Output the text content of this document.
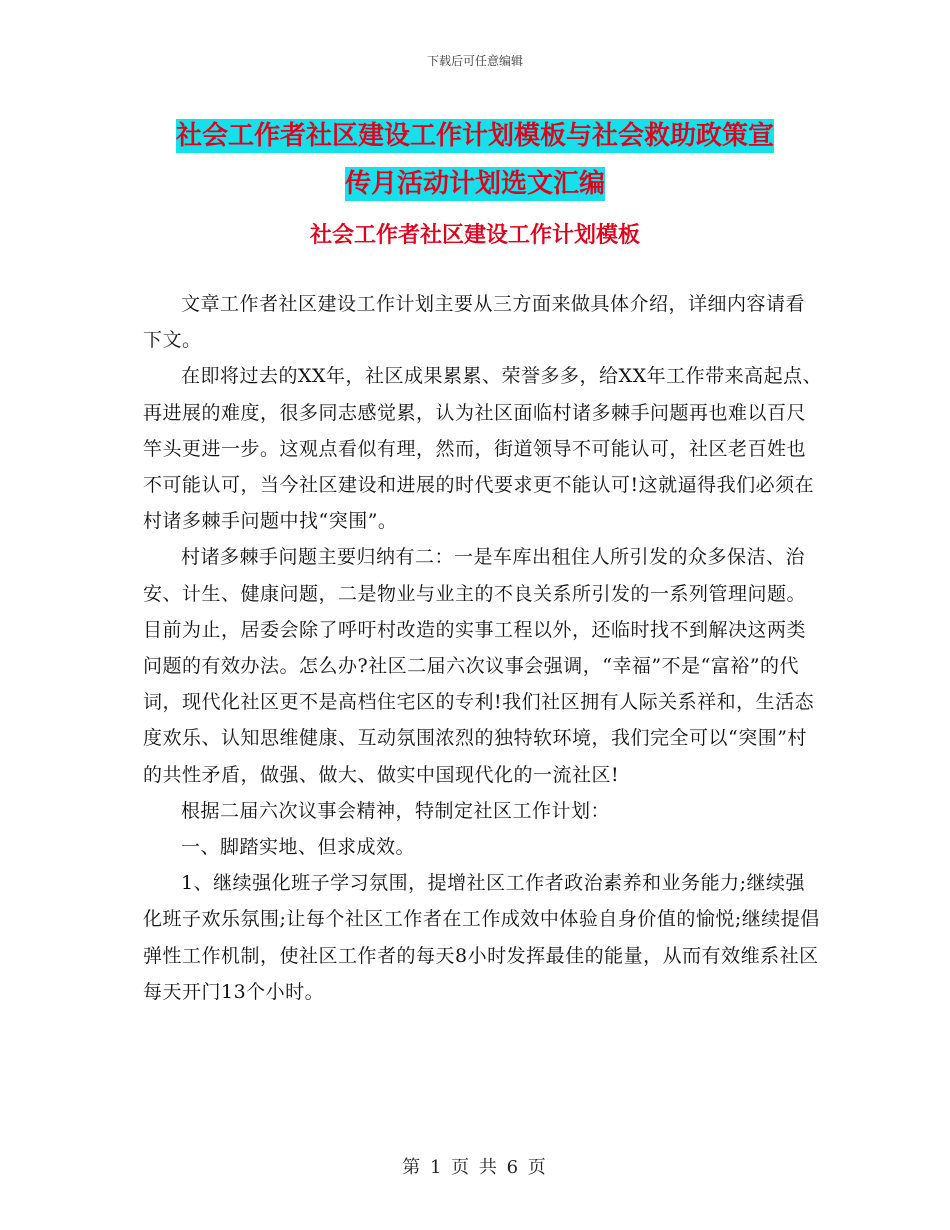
下载后可任意编辑
社会工作者社区建设工作计划模板与社会救助政策宣
传月活动计划选文汇编
社会工作者社区建设工作计划模板

文章工作者社区建设工作计划主要从三方面来做具体介绍，详细内容请看下文。

在即将过去的XX年，社区成果累累、荣誉多多，给XX年工作带来高起点、再进展的难度，很多同志感觉累，认为社区面临村诸多棘手问题再也难以百尺竿头更进一步。这观点看似有理，然而，街道领导不可能认可，社区老百姓也不可能认可，当今社区建设和进展的时代要求更不能认可!这就逼得我们必须在村诸多棘手问题中找“突围”。

村诸多棘手问题主要归纳有二：一是车库出租住人所引发的众多保洁、治安、计生、健康问题，二是物业与业主的不良关系所引发的一系列管理问题。目前为止，居委会除了呼吁村改造的实事工程以外，还临时找不到解决这两类问题的有效办法。怎么办?社区二届六次议事会强调，“幸福”不是“富裕”的代词，现代化社区更不是高档住宅区的专利!我们社区拥有人际关系祥和，生活态度欢乐、认知思维健康、互动氛围浓烈的独特软环境，我们完全可以“突围”村的共性矛盾，做强、做大、做实中国现代化的一流社区!

根据二届六次议事会精神，特制定社区工作计划：

一、脚踏实地、但求成效。

1、继续强化班子学习氛围，提增社区工作者政治素养和业务能力;继续强化班子欢乐氛围;让每个社区工作者在工作成效中体验自身价值的愉悦;继续提倡弹性工作机制，使社区工作者的每天8小时发挥最佳的能量，从而有效维系社区每天开门13个小时。

第 1 页 共 6 页
